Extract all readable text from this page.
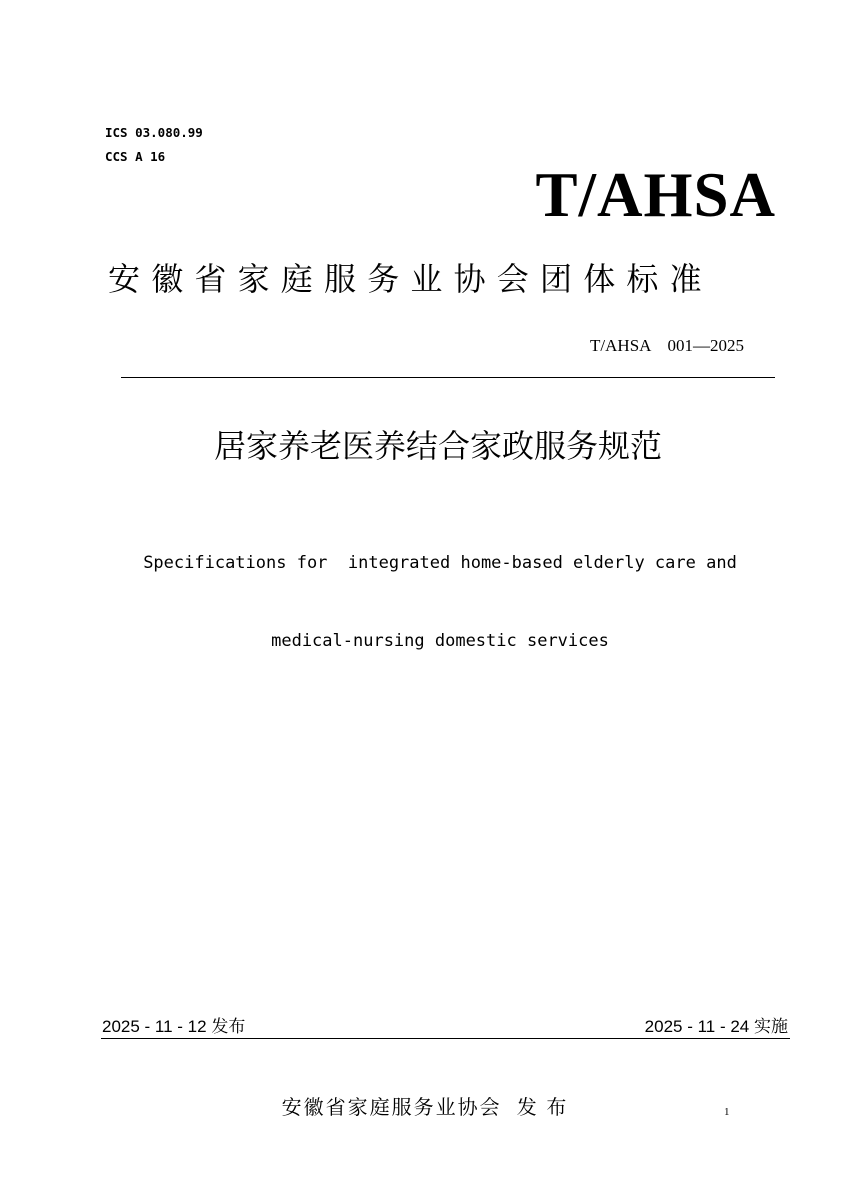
ICS 03.080.99
CCS A 16
T/AHSA
安徽省家庭服务业协会团体标准
T/AHSA　001—2025
居家养老医养结合家政服务规范

Specifications for  integrated home-based elderly care and

medical-nursing domestic services

2025 - 11 - 12 发布	2025 - 11 - 24 实施
安徽省家庭服务业协会  发 布	1
